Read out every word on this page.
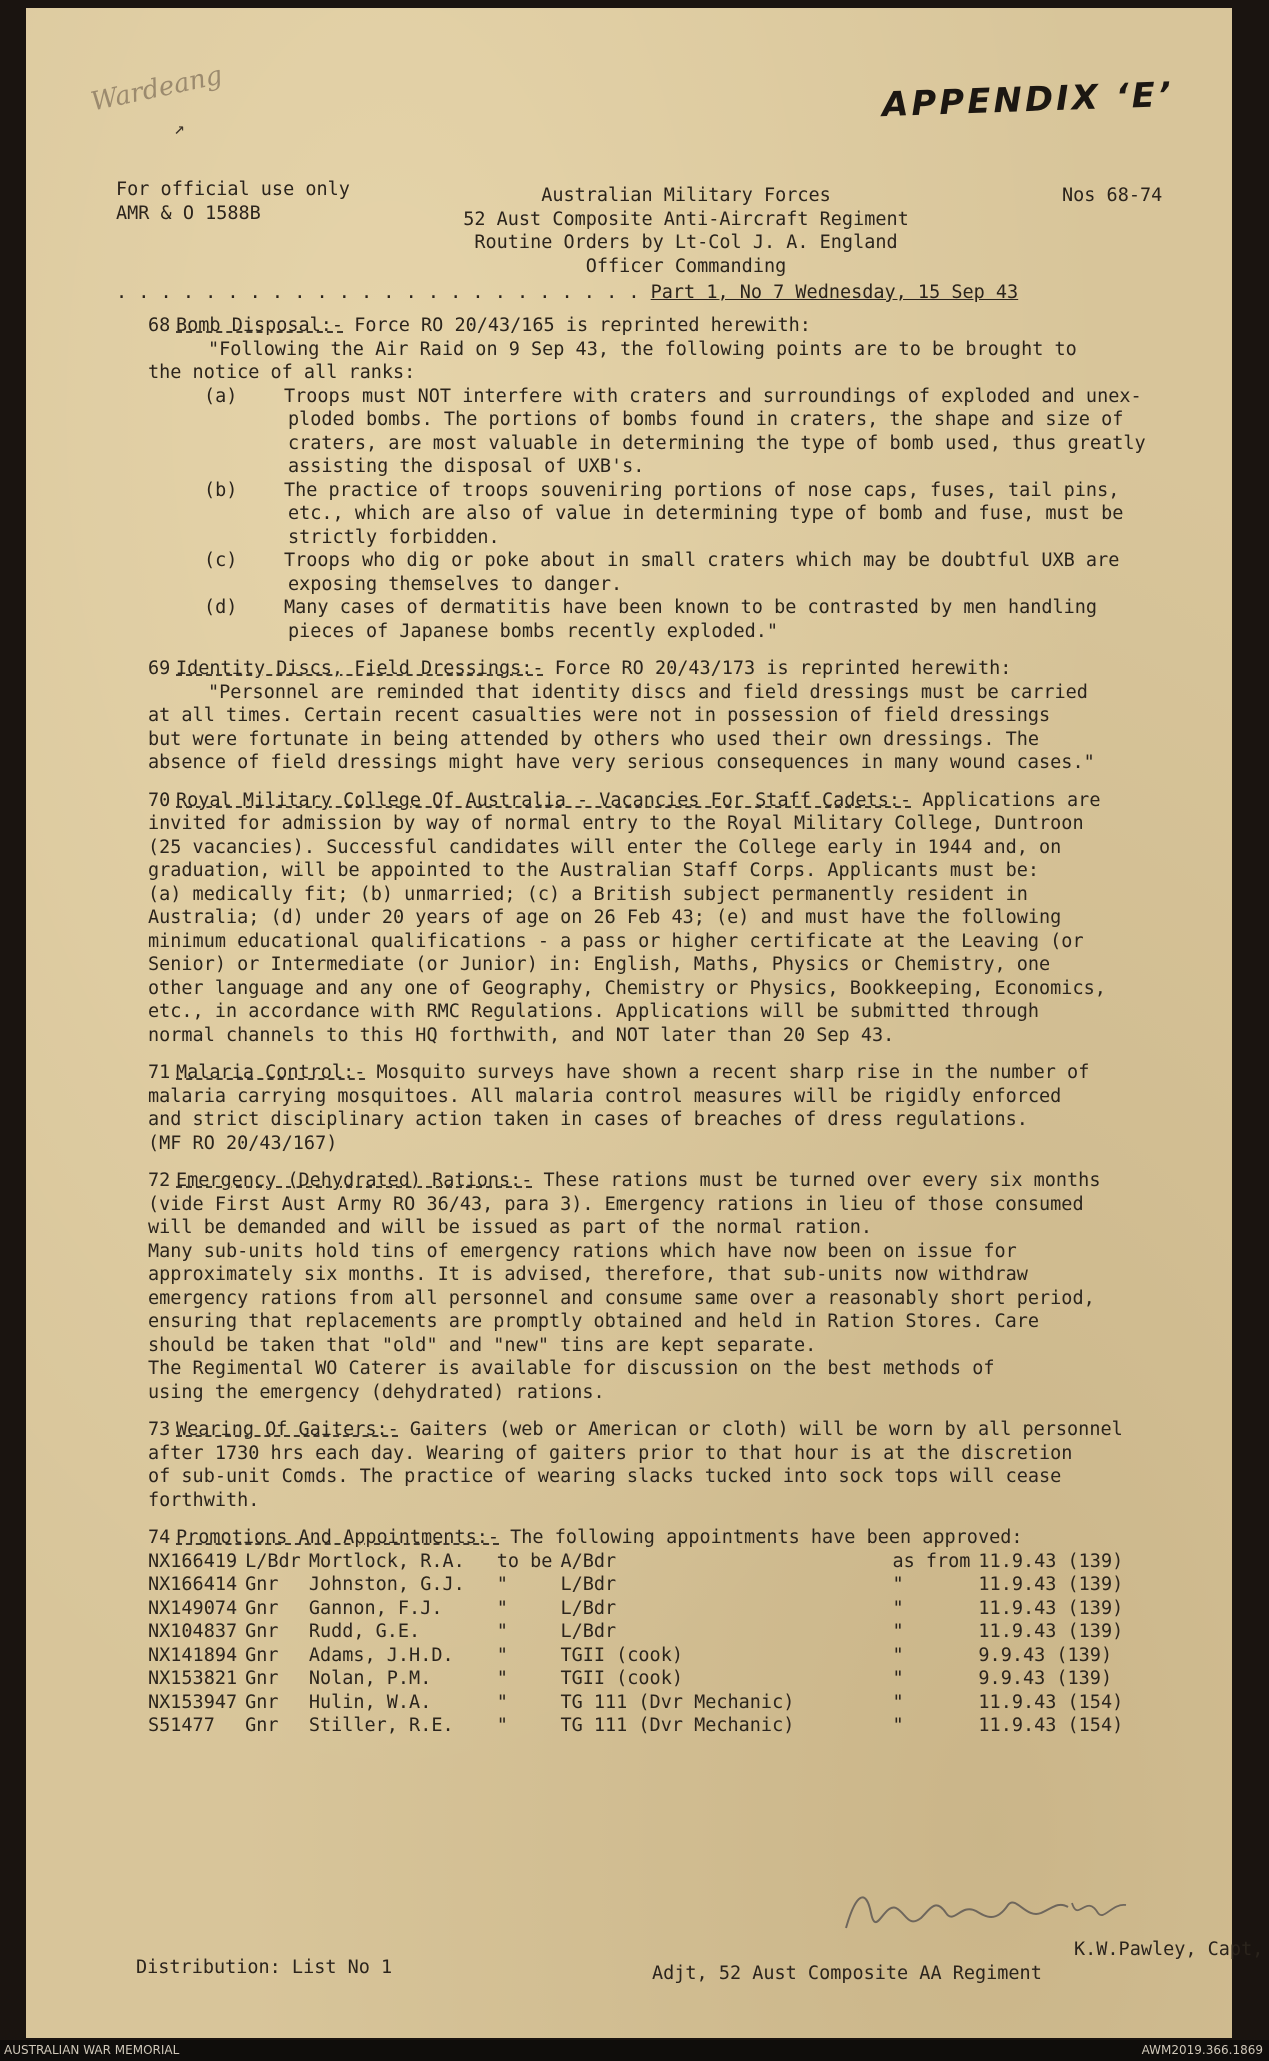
Wardeang
↗
APPENDIX ‘E’
For official use only
AMR & O 1588B
Australian Military Forces
52 Aust Composite Anti-Aircraft Regiment
Routine Orders by Lt-Col J. A. England
Officer Commanding
Nos 68-74
. . . . . . . . . . . . . . . . . . . . . . . . Part 1, No 7 Wednesday, 15 Sep 43
68 Bomb Disposal:- Force RO 20/43/165 is reprinted herewith:
"Following the Air Raid on 9 Sep 43, the following points are to be brought to
the notice of all ranks:
(a)	Troops must NOT interfere with craters and surroundings of exploded and unex-
ploded bombs. The portions of bombs found in craters, the shape and size of
craters, are most valuable in determining the type of bomb used, thus greatly
assisting the disposal of UXB's.
(b)	The practice of troops souveniring portions of nose caps, fuses, tail pins,
etc., which are also of value in determining type of bomb and fuse, must be
strictly forbidden.
(c)	Troops who dig or poke about in small craters which may be doubtful UXB are
exposing themselves to danger.
(d)	Many cases of dermatitis have been known to be contrasted by men handling
pieces of Japanese bombs recently exploded."
69 Identity Discs, Field Dressings:- Force RO 20/43/173 is reprinted herewith:
"Personnel are reminded that identity discs and field dressings must be carried
at all times. Certain recent casualties were not in possession of field dressings
but were fortunate in being attended by others who used their own dressings. The
absence of field dressings might have very serious consequences in many wound cases."
70 Royal Military College Of Australia - Vacancies For Staff Cadets:- Applications are
invited for admission by way of normal entry to the Royal Military College, Duntroon
(25 vacancies). Successful candidates will enter the College early in 1944 and, on
graduation, will be appointed to the Australian Staff Corps. Applicants must be:
(a) medically fit; (b) unmarried; (c) a British subject permanently resident in
Australia; (d) under 20 years of age on 26 Feb 43; (e) and must have the following
minimum educational qualifications - a pass or higher certificate at the Leaving (or
Senior) or Intermediate (or Junior) in: English, Maths, Physics or Chemistry, one
other language and any one of Geography, Chemistry or Physics, Bookkeeping, Economics,
etc., in accordance with RMC Regulations. Applications will be submitted through
normal channels to this HQ forthwith, and NOT later than 20 Sep 43.
71 Malaria Control:- Mosquito surveys have shown a recent sharp rise in the number of
malaria carrying mosquitoes. All malaria control measures will be rigidly enforced
and strict disciplinary action taken in cases of breaches of dress regulations.
(MF RO 20/43/167)
72 Emergency (Dehydrated) Rations:- These rations must be turned over every six months
(vide First Aust Army RO 36/43, para 3). Emergency rations in lieu of those consumed
will be demanded and will be issued as part of the normal ration.
Many sub-units hold tins of emergency rations which have now been on issue for
approximately six months. It is advised, therefore, that sub-units now withdraw
emergency rations from all personnel and consume same over a reasonably short period,
ensuring that replacements are promptly obtained and held in Ration Stores. Care
should be taken that "old" and "new" tins are kept separate.
The Regimental WO Caterer is available for discussion on the best methods of
using the emergency (dehydrated) rations.
73 Wearing Of Gaiters:- Gaiters (web or American or cloth) will be worn by all personnel
after 1730 hrs each day. Wearing of gaiters prior to that hour is at the discretion
of sub-unit Comds. The practice of wearing slacks tucked into sock tops will cease
forthwith.
74 Promotions And Appointments:- The following appointments have been approved:
NX166419	L/Bdr	Mortlock, R.A.	to be	A/Bdr	as from	11.9.43 (139)
NX166414	Gnr	Johnston, G.J.	"	L/Bdr	"	11.9.43 (139)
NX149074	Gnr	Gannon, F.J.	"	L/Bdr	"	11.9.43 (139)
NX104837	Gnr	Rudd, G.E.	"	L/Bdr	"	11.9.43 (139)
NX141894	Gnr	Adams, J.H.D.	"	TGII (cook)	"	9.9.43 (139)
NX153821	Gnr	Nolan, P.M.	"	TGII (cook)	"	9.9.43 (139)
NX153947	Gnr	Hulin, W.A.	"	TG 111 (Dvr Mechanic)	"	11.9.43 (154)
S51477	Gnr	Stiller, R.E.	"	TG 111 (Dvr Mechanic)	"	11.9.43 (154)
K.W.Pawley, Capt,
Adjt, 52 Aust Composite AA Regiment
Distribution: List No 1
AUSTRALIAN WAR MEMORIAL	AWM2019.366.1869
